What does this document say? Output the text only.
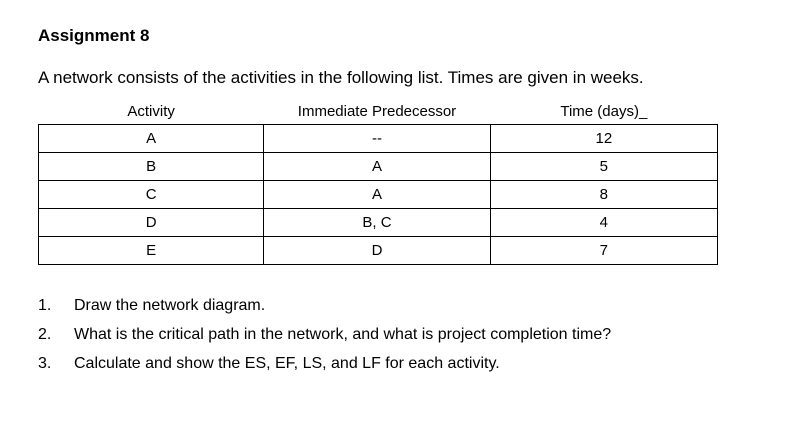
Assignment 8
A network consists of the activities in the following list. Times are given in weeks.
Activity	Immediate Predecessor	Time (days)_
A	--	12
B	A	5
C	A	8
D	B, C	4
E	D	7
1. Draw the network diagram.
2. What is the critical path in the network, and what is project completion time?
3. Calculate and show the ES, EF, LS, and LF for each activity.
